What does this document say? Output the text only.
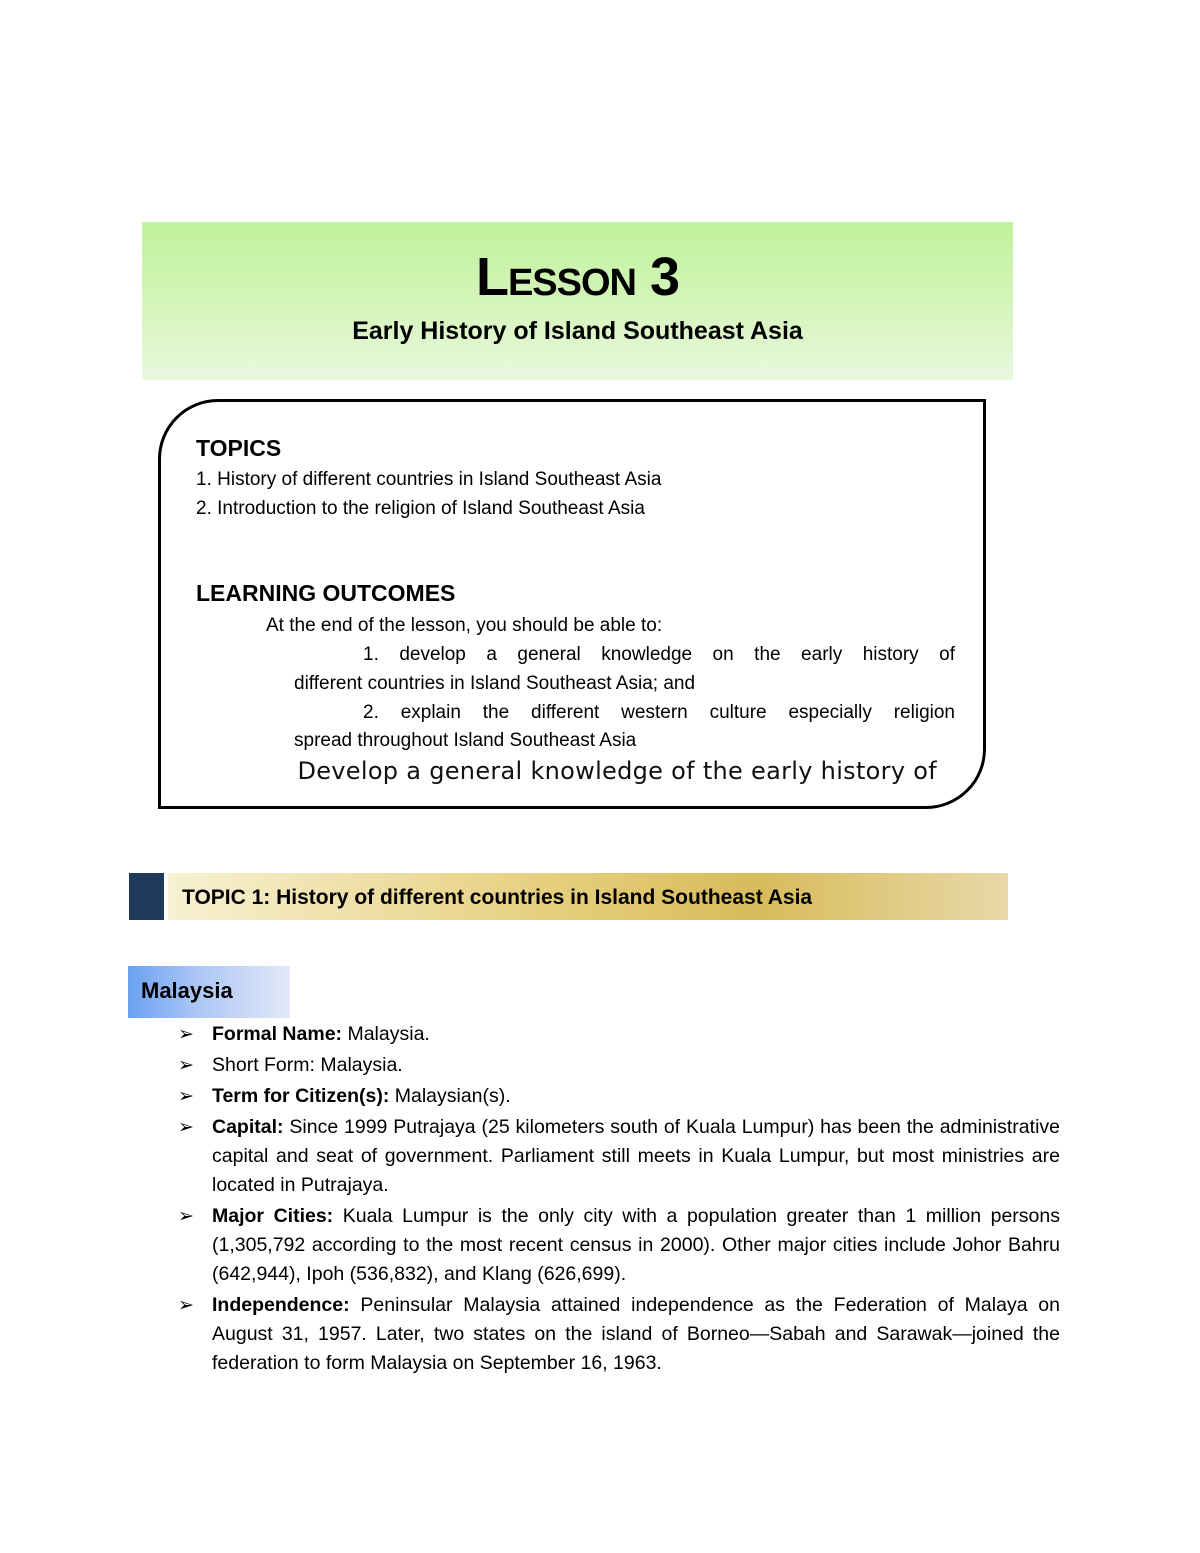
Lesson 3
Early History of Island Southeast Asia
TOPICS
1. History of different countries in Island Southeast Asia
2. Introduction to the religion of Island Southeast Asia
LEARNING OUTCOMES
At the end of the lesson, you should be able to:
1. develop a general knowledge on the early history of
different countries in Island Southeast Asia; and
2. explain the different western culture especially religion
spread throughout Island Southeast Asia
Develop a general knowledge of the early history of
TOPIC 1: History of different countries in Island Southeast Asia
Malaysia
➢ Formal Name: Malaysia.
➢ Short Form: Malaysia.
➢ Term for Citizen(s): Malaysian(s).
➢ Capital: Since 1999 Putrajaya (25 kilometers south of Kuala Lumpur) has been the administrative capital and seat of government. Parliament still meets in Kuala Lumpur, but most ministries are located in Putrajaya.
➢ Major Cities: Kuala Lumpur is the only city with a population greater than 1 million persons (1,305,792 according to the most recent census in 2000). Other major cities include Johor Bahru (642,944), Ipoh (536,832), and Klang (626,699).
➢ Independence: Peninsular Malaysia attained independence as the Federation of Malaya on August 31, 1957. Later, two states on the island of Borneo—Sabah and Sarawak—joined the federation to form Malaysia on September 16, 1963.
